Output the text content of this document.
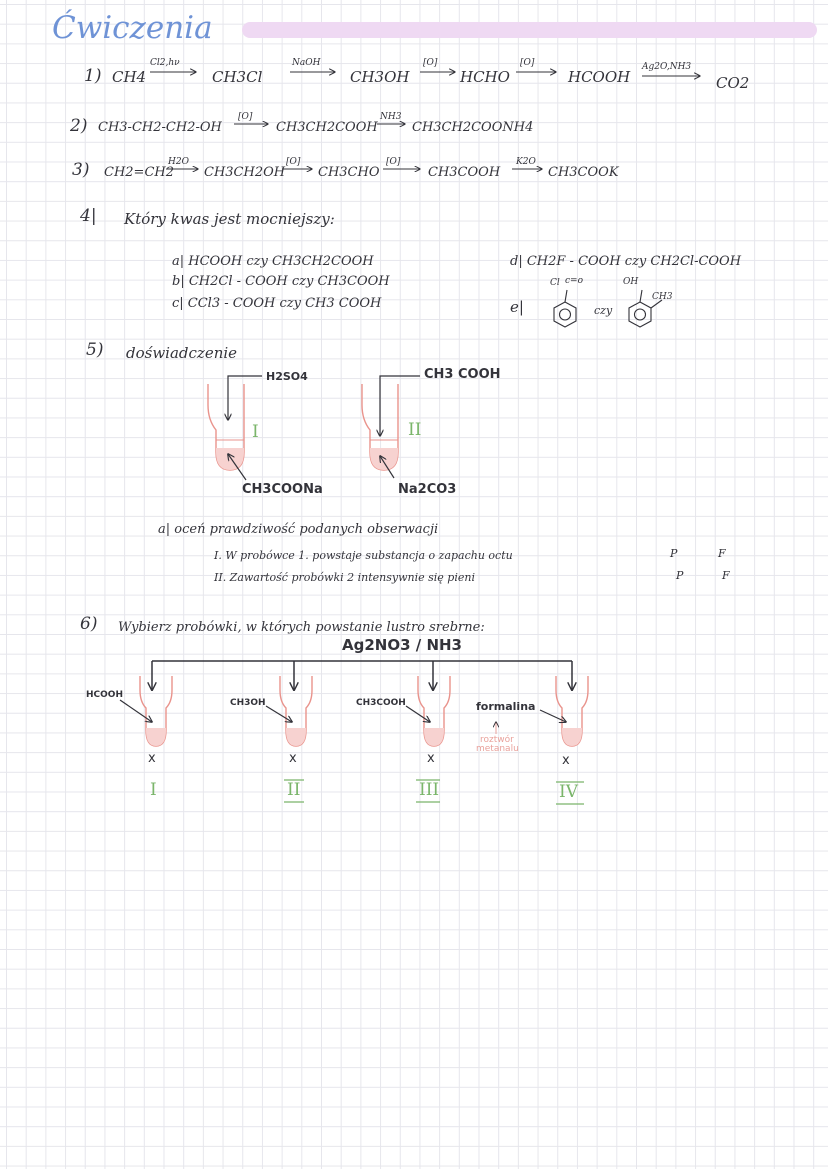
Ćwiczenia
1) CH4
Cl2,hν
CH3Cl
NaOH
CH3OH
[O]
HCHO
[O]
HCOOH
Ag2O,NH3
CO2
2) CH3-CH2-CH2-OH
[O]
CH3CH2COOH
NH3
CH3CH2COONH4
3) CH2=CH2
H2O
CH3CH2OH
[O]
CH3CHO
[O]
CH3COOH
K2O
CH3COOK
4| Który kwas jest mocniejszy:
a| HCOOH czy CH3CH2COOH
b| CH2Cl - COOH czy CH3COOH
c| CCl3 - COOH czy CH3 COOH
d| CH2F - COOH czy CH2Cl-COOH
e|
Cl c=o
czy
OH
CH3
5) doświadczenie
H2SO4	CH3 COOH
I	II
CH3COONa	Na2CO3
a| oceń prawdziwość podanych obserwacji
I. W probówce 1. powstaje substancja o zapachu octu
II. Zawartość probówki 2 intensywnie się pieni
P	F
P	F
6) Wybierz probówki, w których powstanie lustro srebrne:
Ag2NO3 / NH3
HCOOH
CH3OH	CH3COOH	formalina
x	x	x	x
I	II	III	IV
roztwór
metanalu
